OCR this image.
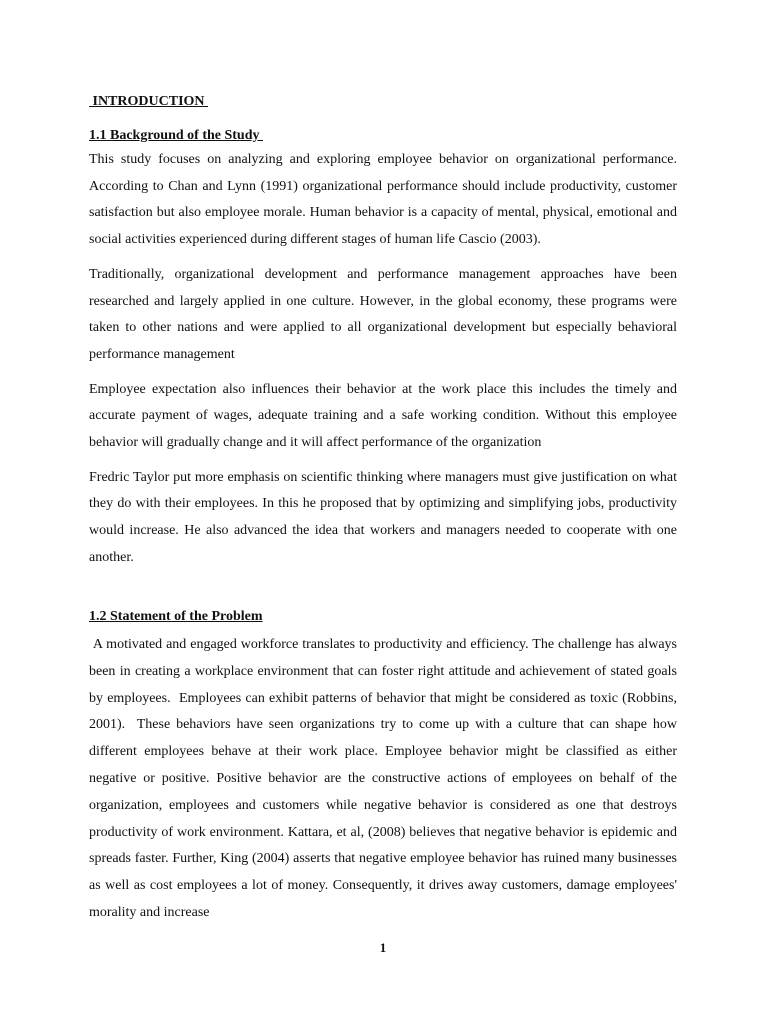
INTRODUCTION
1.1 Background of the Study

This study focuses on analyzing and exploring employee behavior on organizational performance. According to Chan and Lynn (1991) organizational performance should include productivity, customer satisfaction but also employee morale. Human behavior is a capacity of mental, physical, emotional and social activities experienced during different stages of human life Cascio (2003).

Traditionally, organizational development and performance management approaches have been researched and largely applied in one culture. However, in the global economy, these programs were taken to other nations and were applied to all organizational development but especially behavioral performance management

Employee expectation also influences their behavior at the work place this includes the timely and accurate payment of wages, adequate training and a safe working condition. Without this employee behavior will gradually change and it will affect performance of the organization

Fredric Taylor put more emphasis on scientific thinking where managers must give justification on what they do with their employees. In this he proposed that by optimizing and simplifying jobs, productivity would increase. He also advanced the idea that workers and managers needed to cooperate with one another.

1.2 Statement of the Problem

A motivated and engaged workforce translates to productivity and efficiency. The challenge has always been in creating a workplace environment that can foster right attitude and achievement of stated goals by employees.  Employees can exhibit patterns of behavior that might be considered as toxic (Robbins, 2001).  These behaviors have seen organizations try to come up with a culture that can shape how different employees behave at their work place. Employee behavior might be classified as either negative or positive. Positive behavior are the constructive actions of employees on behalf of the organization, employees and customers while negative behavior is considered as one that destroys productivity of work environment. Kattara, et al, (2008) believes that negative behavior is epidemic and spreads faster. Further, King (2004) asserts that negative employee behavior has ruined many businesses as well as cost employees a lot of money. Consequently, it drives away customers, damage employees' morality and increase

1
